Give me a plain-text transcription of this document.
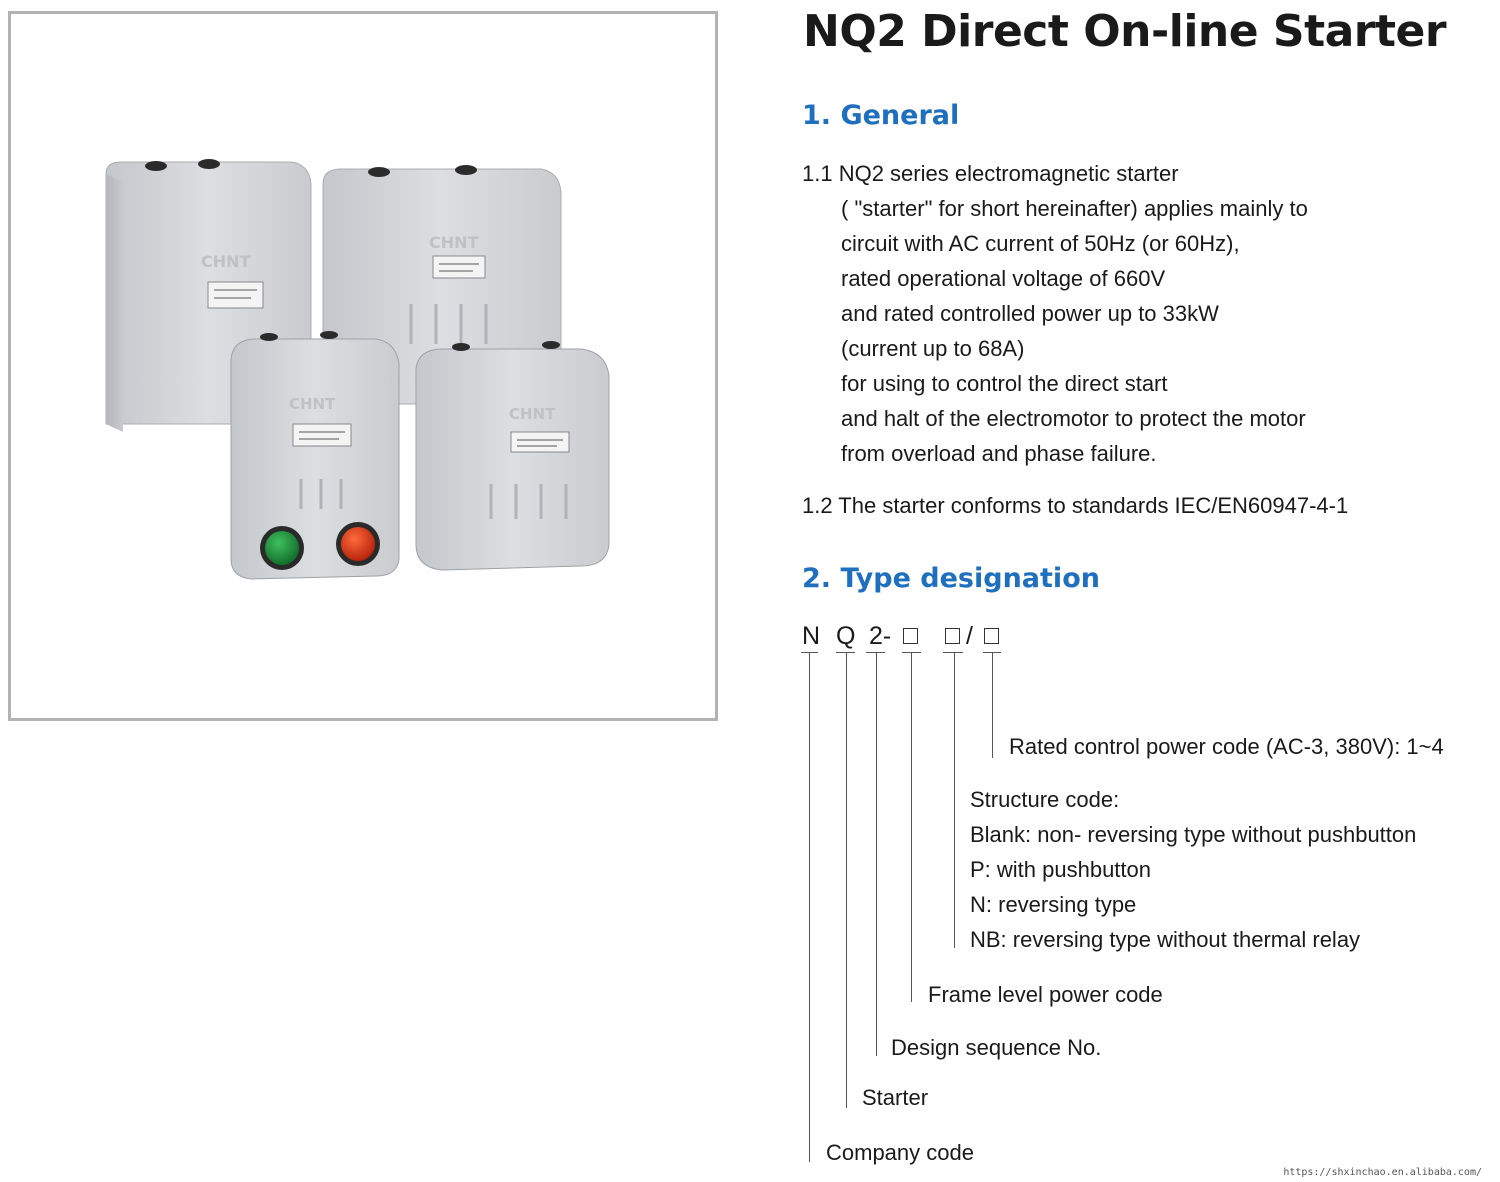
CHNT
CHNT
CHNT
CHNT
NQ2 Direct On-line Starter
1. General
1.1 NQ2 series electromagnetic starter
( "starter" for short hereinafter) applies mainly to
circuit with AC current of 50Hz (or 60Hz),
rated operational voltage of 660V
and rated controlled power up to 33kW
(current up to 68A)
for using to control the direct start
and halt of the electromotor to protect the motor
from overload and phase failure.
1.2 The starter conforms to standards IEC/EN60947-4-1
2. Type designation
N Q 2-	/
Rated control power code (AC-3, 380V): 1~4
Structure code:
Blank: non- reversing type without pushbutton
P: with pushbutton
N: reversing type
NB: reversing type without thermal relay
Frame level power code
Design sequence No.
Starter
Company code
https://shxinchao.en.alibaba.com/
